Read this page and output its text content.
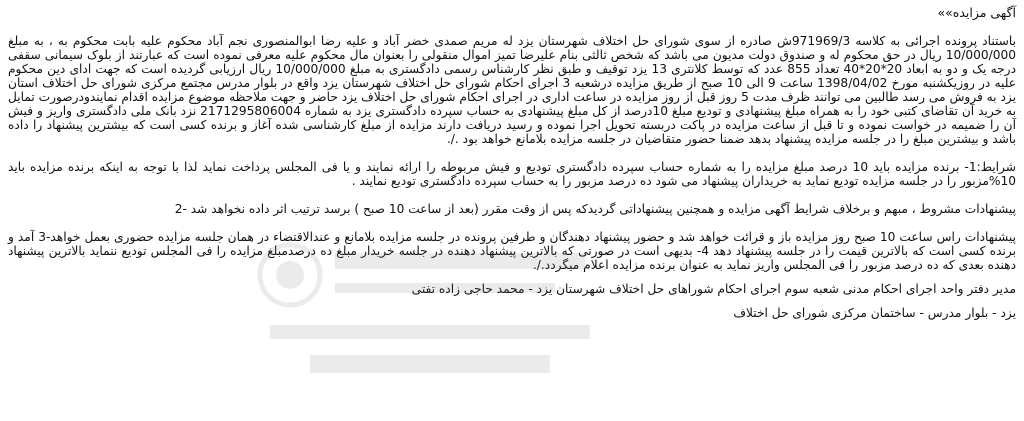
آگهی مزایده»»

باستناد پرونده اجرائی به کلاسه 971969/3ش صادره از سوی شورای حل اختلاف شهرستان یزد له مریم صمدی خضر آباد و علیه رضا ابوالمنصوری نجم آباد محکوم علیه بابت محکوم به ، به مبلغ 10/000/000 ریال در حق محکوم له و صندوق دولت مدیون می باشد که شخص ثالثی بنام علیرضا تمیز اموال منقولی را بعنوان مال محکوم علیه معرفی نموده است که عبارتند از بلوک سیمانی سقفی درجه یک و دو به ابعاد 20*20*40 تعداد 855 عدد که توسط کلانتری 13 یزد توقیف و طبق نظر کارشناس رسمی دادگستری به مبلغ 10/000/000 ریال ارزیابی گردیده است که جهت ادای دین محکوم علیه در روزیکشنبه مورخ 1398/04/02 ساعت 9 الی 10 صبح از طریق مزایده درشعبه 3 اجرای احکام شورای حل اختلاف شهرستان یزد واقع در بلوار مدرس مجتمع مرکزی شورای حل اختلاف استان یزد به فروش می رسد طالبین می توانند ظرف مدت 5 روز قبل از روز مزایده در ساعت اداری در اجرای احکام شورای حل اختلاف یزد حاضر و جهت ملاحظه موضوع مزایده اقدام نمایندودرصورت تمایل به خرید آن تقاضای کتبی خود را به همراه مبلغ پیشنهادی و تودیع مبلغ 10درصد از کل مبلغ پیشنهادی به حساب سپرده دادگستری یزد به شماره 2171295806004 نزد بانک ملی دادگستری واریز و فیش آن را ضمیمه در خواست نموده و تا قبل از ساعت مزایده در پاکت دربسته تحویل اجرا نموده و رسید دریافت دارند مزایده از مبلغ کارشناسی شده آغاز و برنده کسی است که بیشترین پیشنهاد را داده باشد و بیشترین مبلغ را در جلسه مزایده پیشنهاد بدهد ضمنا حضور متقاضیان در جلسه مزایده بلامانع خواهد بود ./.

شرایط:1- برنده مزایده باید 10 درصد مبلغ مزایده را به شماره حساب سپرده دادگستری تودیع و فیش مربوطه را ارائه نمایند و یا فی المجلس پرداخت نماید لذا با توجه به اینکه برنده مزایده باید 10%مزبور را در جلسه مزایده تودیع نماید به خریداران پیشنهاد می شود ده درصد مزبور را به حساب سپرده دادگستری تودیع نمایند .

پیشنهادات مشروط ، مبهم و برخلاف شرایط آگهی مزایده و همچنین پیشنهاداتی گردیدکه پس از وقت مقرر (بعد از ساعت 10 صبح ) برسد ترتیب اثر داده نخواهد شد -2

پیشنهادات راس ساعت 10 صبح روز مزایده باز و قرائت خواهد شد و حضور پیشنهاد دهندگان و طرفین پرونده در جلسه مزایده بلامانع و عندالاقتضاء در همان جلسه مزایده حضوری بعمل خواهد-3 آمد و برنده کسی است که بالاترین قیمت را در جلسه پیشنهاد دهد 4- بدیهی است در صورتی که بالاترین پیشنهاد دهنده در جلسه خریدار مبلغ ده درصدمبلغ مزایده را فی المجلس تودیع ننماید بالاترین پیشنهاد دهنده بعدی که ده درصد مزبور را فی المجلس واریز نماید به عنوان برنده مزایده اعلام میگردد./.

مدیر دفتر واحد اجرای احکام مدنی شعبه سوم اجرای احکام شوراهای حل اختلاف شهرستان یزد - محمد حاجی زاده تفتی

یزد - بلوار مدرس - ساختمان مرکزی شورای حل اختلاف
